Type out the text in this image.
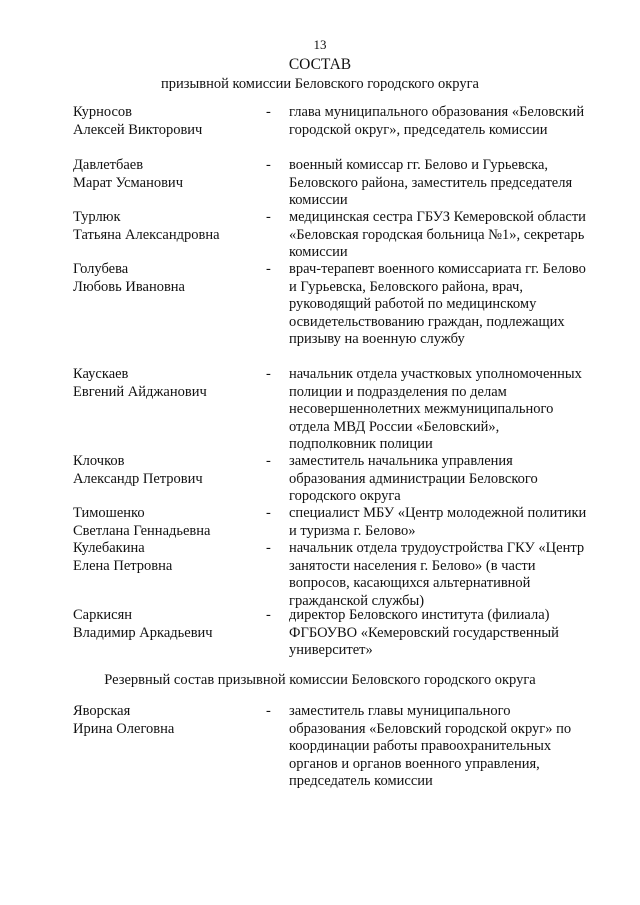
13
СОСТАВ
призывной комиссии Беловского городского округа
Курносов
Алексей Викторович
-	глава муниципального образования «Беловский городской округ», председатель комиссии
Давлетбаев
Марат Усманович
-	военный комиссар гг. Белово и Гурьевска, Беловского района, заместитель председателя комиссии
Турлюк
Татьяна Александровна
-	медицинская сестра ГБУЗ Кемеровской области «Беловская городская больница №1», секретарь комиссии
Голубева
Любовь Ивановна
-	врач-терапевт военного комиссариата гг. Белово и Гурьевска, Беловского района, врач, руководящий работой по медицинскому освидетельствованию граждан, подлежащих призыву на военную службу
Каускаев
Евгений Айджанович
-	начальник отдела участковых уполномоченных полиции и подразделения по делам несовершеннолетних межмуниципального отдела МВД России «Беловский», подполковник полиции
Клочков
Александр Петрович
-	заместитель начальника управления образования администрации Беловского городского округа
Тимошенко
Светлана Геннадьевна
-	специалист МБУ «Центр молодежной политики и туризма г. Белово»
Кулебакина
Елена Петровна
-	начальник отдела трудоустройства ГКУ «Центр занятости населения г. Белово» (в части вопросов, касающихся альтернативной гражданской службы)
Саркисян
Владимир Аркадьевич
-	директор Беловского института (филиала) ФГБОУВО «Кемеровский государственный университет»
Резервный состав призывной комиссии Беловского городского округа
Яворская
Ирина Олеговна
-	заместитель главы муниципального образования «Беловский городской округ» по координации работы правоохранительных органов и органов военного управления, председатель комиссии
